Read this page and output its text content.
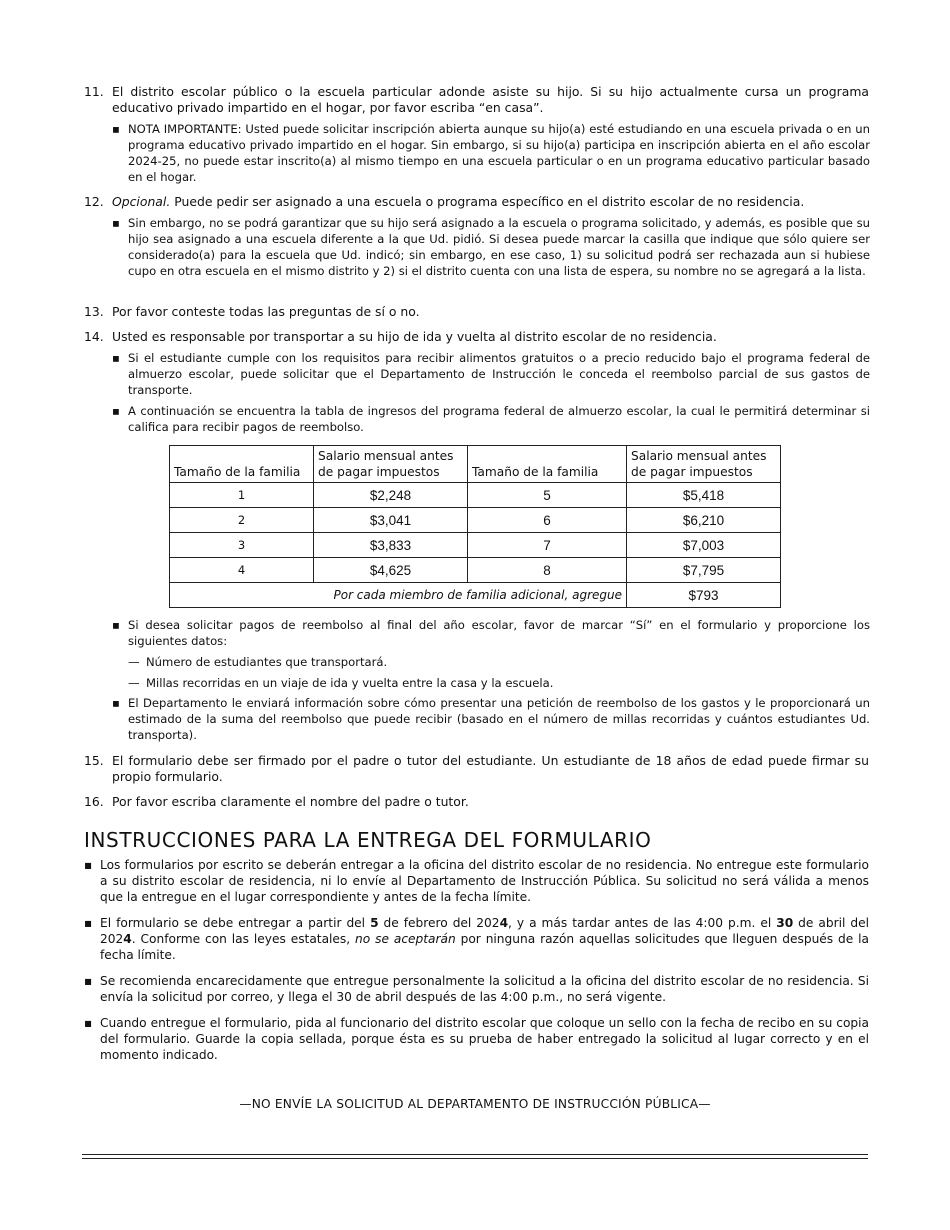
11. El distrito escolar público o la escuela particular adonde asiste su hijo. Si su hijo actualmente cursa un programa educativo privado impartido en el hogar, por favor escriba “en casa”.
▪ NOTA IMPORTANTE: Usted puede solicitar inscripción abierta aunque su hijo(a) esté estudiando en una escuela privada o en un programa educativo privado impartido en el hogar. Sin embargo, si su hijo(a) participa en inscripción abierta en el año escolar 2024-25, no puede estar inscrito(a) al mismo tiempo en una escuela particular o en un programa educativo particular basado en el hogar.
12. Opcional. Puede pedir ser asignado a una escuela o programa específico en el distrito escolar de no residencia.
▪ Sin embargo, no se podrá garantizar que su hijo será asignado a la escuela o programa solicitado, y además, es posible que su hijo sea asignado a una escuela diferente a la que Ud. pidió. Si desea puede marcar la casilla que indique que sólo quiere ser considerado(a) para la escuela que Ud. indicó; sin embargo, en ese caso, 1) su solicitud podrá ser rechazada aun si hubiese cupo en otra escuela en el mismo distrito y 2) si el distrito cuenta con una lista de espera, su nombre no se agregará a la lista.
13. Por favor conteste todas las preguntas de sí o no.
14. Usted es responsable por transportar a su hijo de ida y vuelta al distrito escolar de no residencia.
▪ Si el estudiante cumple con los requisitos para recibir alimentos gratuitos o a precio reducido bajo el programa federal de almuerzo escolar, puede solicitar que el Departamento de Instrucción le conceda el reembolso parcial de sus gastos de transporte.
▪ A continuación se encuentra la tabla de ingresos del programa federal de almuerzo escolar, la cual le permitirá determinar si califica para recibir pagos de reembolso.
Tamaño de la familia	Salario mensual antes de pagar impuestos	Tamaño de la familia	Salario mensual antes de pagar impuestos
1	$2,248	5	$5,418
2	$3,041	6	$6,210
3	$3,833	7	$7,003
4	$4,625	8	$7,795
Por cada miembro de familia adicional, agregue			$793
▪ Si desea solicitar pagos de reembolso al final del año escolar, favor de marcar “Sí” en el formulario y proporcione los siguientes datos:
— Número de estudiantes que transportará.
— Millas recorridas en un viaje de ida y vuelta entre la casa y la escuela.
▪ El Departamento le enviará información sobre cómo presentar una petición de reembolso de los gastos y le proporcionará un estimado de la suma del reembolso que puede recibir (basado en el número de millas recorridas y cuántos estudiantes Ud. transporta).
15. El formulario debe ser firmado por el padre o tutor del estudiante. Un estudiante de 18 años de edad puede firmar su propio formulario.
16. Por favor escriba claramente el nombre del padre o tutor.
INSTRUCCIONES PARA LA ENTREGA DEL FORMULARIO
▪ Los formularios por escrito se deberán entregar a la oficina del distrito escolar de no residencia. No entregue este formulario a su distrito escolar de residencia, ni lo envíe al Departamento de Instrucción Pública. Su solicitud no será válida a menos que la entregue en el lugar correspondiente y antes de la fecha límite.
▪ El formulario se debe entregar a partir del 5 de febrero del 2024, y a más tardar antes de las 4:00 p.m. el 30 de abril del 2024. Conforme con las leyes estatales, no se aceptarán por ninguna razón aquellas solicitudes que lleguen después de la fecha límite.
▪ Se recomienda encarecidamente que entregue personalmente la solicitud a la oficina del distrito escolar de no residencia. Si envía la solicitud por correo, y llega el 30 de abril después de las 4:00 p.m., no será vigente.
▪ Cuando entregue el formulario, pida al funcionario del distrito escolar que coloque un sello con la fecha de recibo en su copia del formulario. Guarde la copia sellada, porque ésta es su prueba de haber entregado la solicitud al lugar correcto y en el momento indicado.
—NO ENVÍE LA SOLICITUD AL DEPARTAMENTO DE INSTRUCCIÓN PÚBLICA—
